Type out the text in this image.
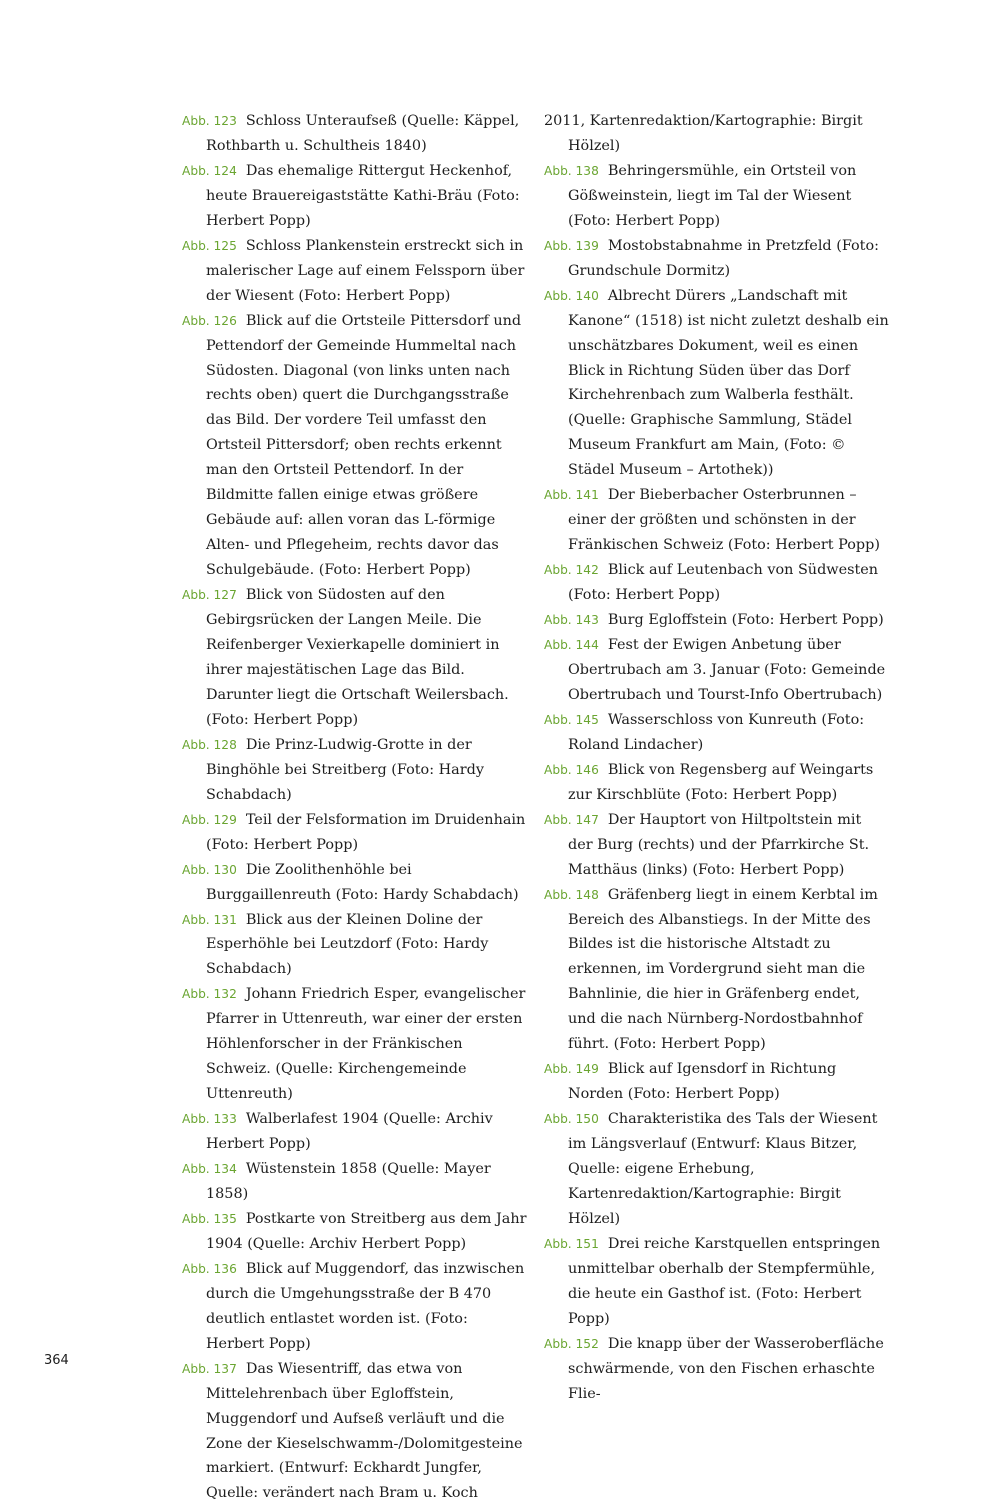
Abb. 123 Schloss Unteraufseß (Quelle: Käppel, Rothbarth u. Schultheis 1840)

Abb. 124 Das ehemalige Rittergut Heckenhof, heute Brauereigaststätte Kathi-Bräu (Foto: Herbert Popp)

Abb. 125 Schloss Plankenstein erstreckt sich in malerischer Lage auf einem Felssporn über der Wiesent (Foto: Herbert Popp)

Abb. 126 Blick auf die Ortsteile Pittersdorf und Pettendorf der Gemeinde Hummeltal nach Südosten. Diagonal (von links unten nach rechts oben) quert die Durchgangsstraße das Bild. Der vordere Teil umfasst den Ortsteil Pittersdorf; oben rechts erkennt man den Ortsteil Pettendorf. In der Bildmitte fallen einige etwas größere Gebäude auf: allen voran das L-förmige Alten- und Pflegeheim, rechts davor das Schulgebäude. (Foto: Herbert Popp)

Abb. 127 Blick von Südosten auf den Gebirgsrücken der Langen Meile. Die Reifenberger Vexierkapelle dominiert in ihrer majestätischen Lage das Bild. Darunter liegt die Ortschaft Weilersbach. (Foto: Herbert Popp)

Abb. 128 Die Prinz-Ludwig-Grotte in der Binghöhle bei Streitberg (Foto: Hardy Schabdach)

Abb. 129 Teil der Felsformation im Druidenhain (Foto: Herbert Popp)

Abb. 130 Die Zoolithenhöhle bei Burggaillenreuth (Foto: Hardy Schabdach)

Abb. 131 Blick aus der Kleinen Doline der Esperhöhle bei Leutzdorf (Foto: Hardy Schabdach)

Abb. 132 Johann Friedrich Esper, evangelischer Pfarrer in Uttenreuth, war einer der ersten Höhlenforscher in der Fränkischen Schweiz. (Quelle: Kirchengemeinde Uttenreuth)

Abb. 133 Walberlafest 1904 (Quelle: Archiv Herbert Popp)

Abb. 134 Wüstenstein 1858 (Quelle: Mayer 1858)

Abb. 135 Postkarte von Streitberg aus dem Jahr 1904 (Quelle: Archiv Herbert Popp)

Abb. 136 Blick auf Muggendorf, das inzwischen durch die Umgehungsstraße der B 470 deutlich entlastet worden ist. (Foto: Herbert Popp)

Abb. 137 Das Wiesentriff, das etwa von Mittelehrenbach über Egloffstein, Muggendorf und Aufseß verläuft und die Zone der Kieselschwamm-/Dolomitgesteine markiert. (Entwurf: Eckhardt Jungfer, Quelle: verändert nach Bram u. Koch

2011, Kartenredaktion/Kartographie: Birgit Hölzel)

Abb. 138 Behringersmühle, ein Ortsteil von Gößweinstein, liegt im Tal der Wiesent (Foto: Herbert Popp)

Abb. 139 Mostobstabnahme in Pretzfeld (Foto: Grundschule Dormitz)

Abb. 140 Albrecht Dürers „Landschaft mit Kanone“ (1518) ist nicht zuletzt deshalb ein unschätzbares Dokument, weil es einen Blick in Richtung Süden über das Dorf Kirchehrenbach zum Walberla festhält. (Quelle: Graphische Sammlung, Städel Museum Frankfurt am Main, (Foto: © Städel Museum – Artothek))

Abb. 141 Der Bieberbacher Osterbrunnen – einer der größten und schönsten in der Fränkischen Schweiz (Foto: Herbert Popp)

Abb. 142 Blick auf Leutenbach von Südwesten (Foto: Herbert Popp)

Abb. 143 Burg Egloffstein (Foto: Herbert Popp)

Abb. 144 Fest der Ewigen Anbetung über Obertrubach am 3. Januar (Foto: Gemeinde Obertrubach und Tourst-Info Obertrubach)

Abb. 145 Wasserschloss von Kunreuth (Foto: Roland Lindacher)

Abb. 146 Blick von Regensberg auf Weingarts zur Kirschblüte (Foto: Herbert Popp)

Abb. 147 Der Hauptort von Hiltpoltstein mit der Burg (rechts) und der Pfarrkirche St. Matthäus (links) (Foto: Herbert Popp)

Abb. 148 Gräfenberg liegt in einem Kerbtal im Bereich des Albanstiegs. In der Mitte des Bildes ist die historische Altstadt zu erkennen, im Vordergrund sieht man die Bahnlinie, die hier in Gräfenberg endet, und die nach Nürnberg-Nordostbahnhof führt. (Foto: Herbert Popp)

Abb. 149 Blick auf Igensdorf in Richtung Norden (Foto: Herbert Popp)

Abb. 150 Charakteristika des Tals der Wiesent im Längsverlauf (Entwurf: Klaus Bitzer, Quelle: eigene Erhebung, Kartenredaktion/Kartographie: Birgit Hölzel)

Abb. 151 Drei reiche Karstquellen entspringen unmittelbar oberhalb der Stempfermühle, die heute ein Gasthof ist. (Foto: Herbert Popp)

Abb. 152 Die knapp über der Wasseroberfläche schwärmende, von den Fischen erhaschte Flie-

364
